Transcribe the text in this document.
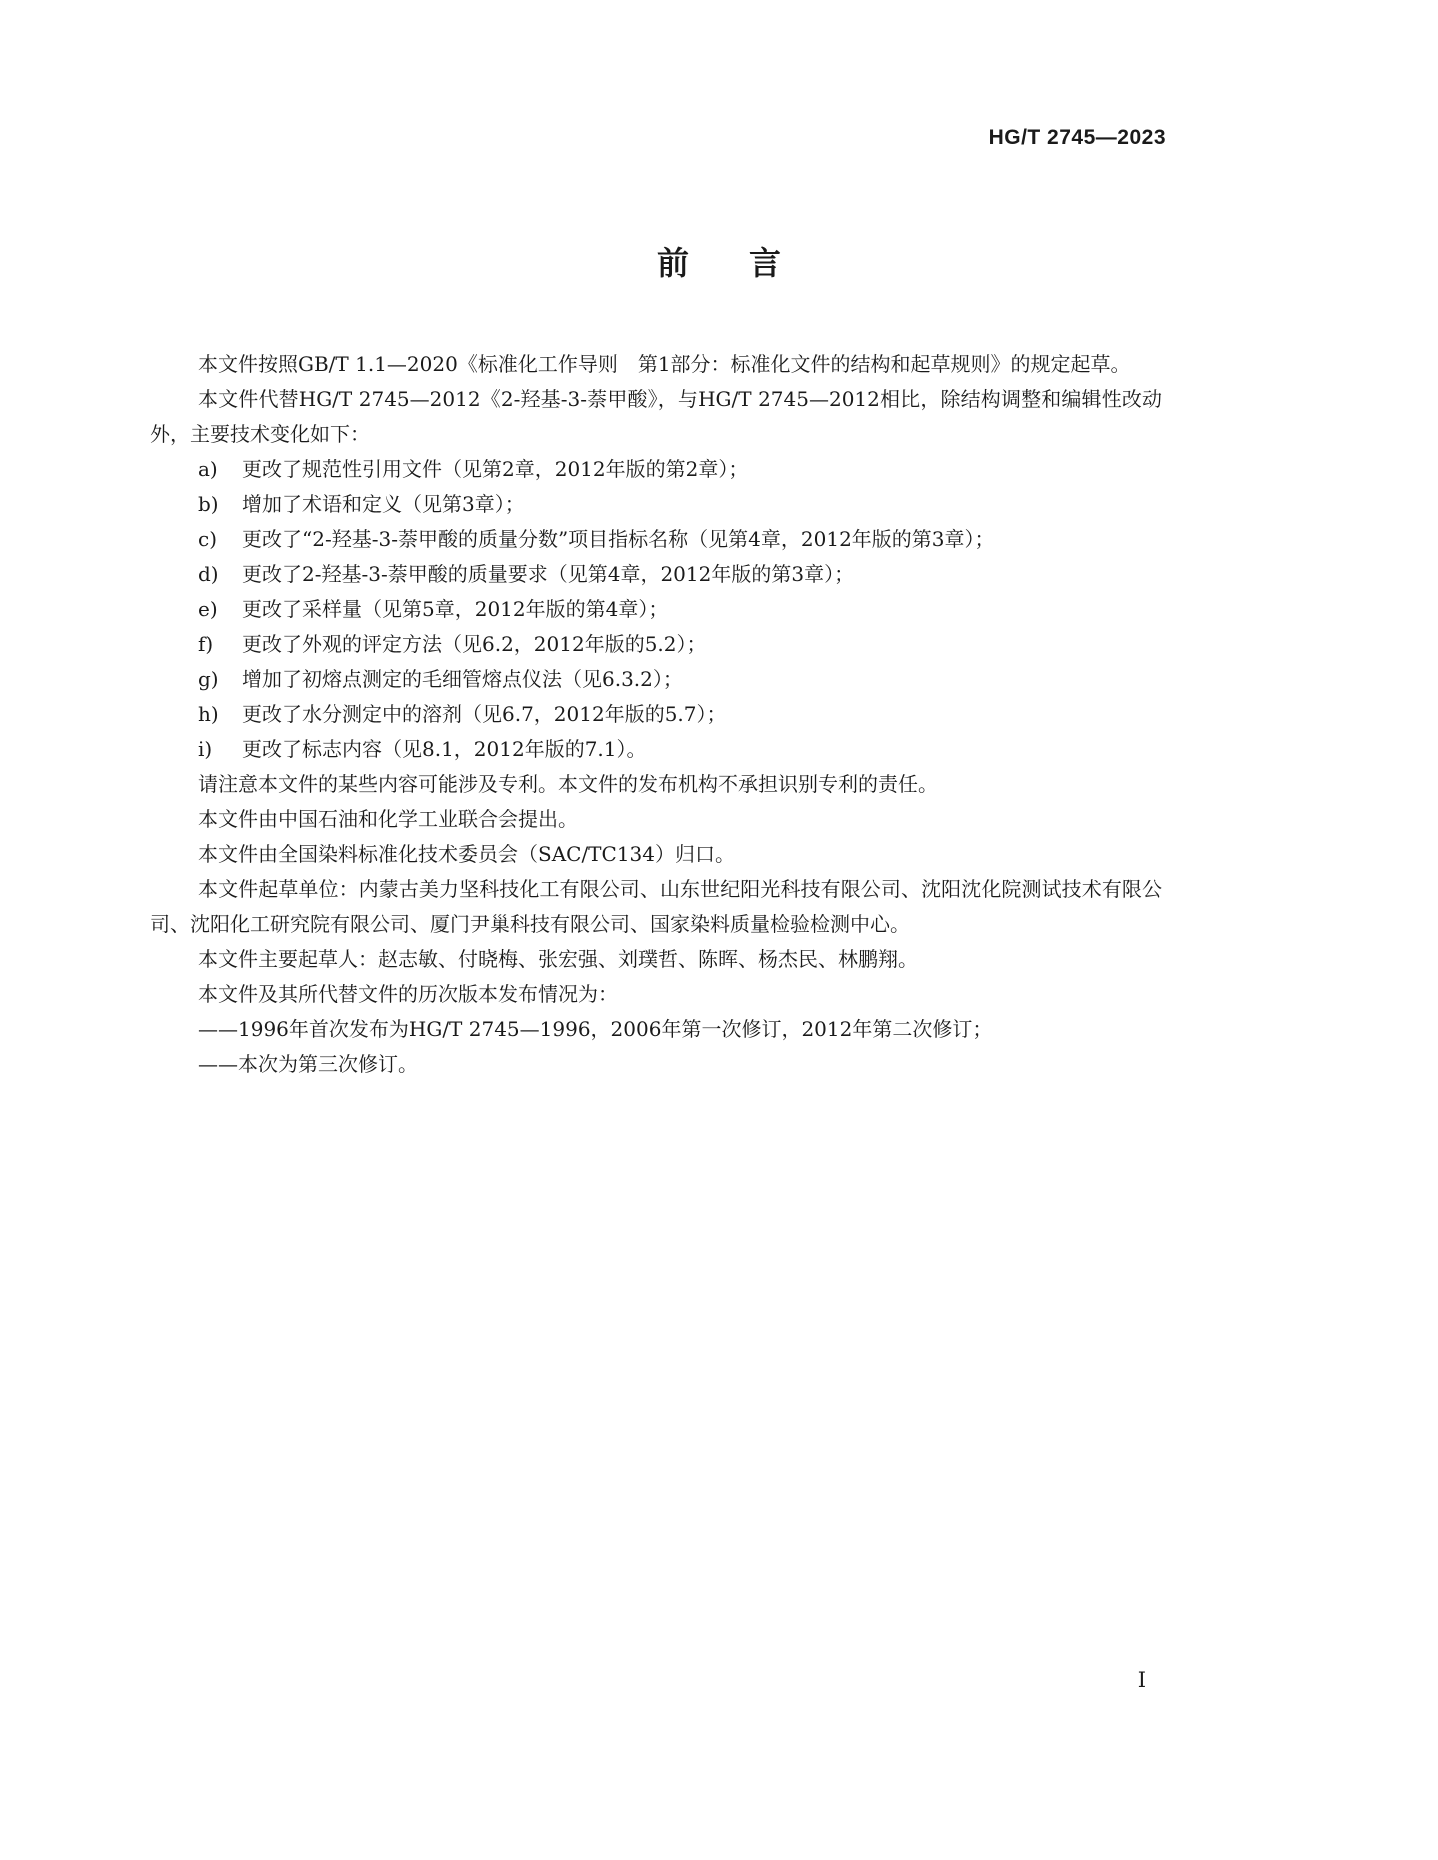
HG/T 2745—2023
前言

本文件按照GB/T 1.1—2020《标准化工作导则　第1部分：标准化文件的结构和起草规则》的规定起草。

本文件代替HG/T 2745—2012《2-羟基-3-萘甲酸》，与HG/T 2745—2012相比，除结构调整和编辑性改动外，主要技术变化如下：

a)	更改了规范性引用文件（见第2章，2012年版的第2章）；
b)	增加了术语和定义（见第3章）；
c)	更改了“2-羟基-3-萘甲酸的质量分数”项目指标名称（见第4章，2012年版的第3章）；
d)	更改了2-羟基-3-萘甲酸的质量要求（见第4章，2012年版的第3章）；
e)	更改了采样量（见第5章，2012年版的第4章）；
f)	更改了外观的评定方法（见6.2，2012年版的5.2）；
g)	增加了初熔点测定的毛细管熔点仪法（见6.3.2）；
h)	更改了水分测定中的溶剂（见6.7，2012年版的5.7）；
i)	更改了标志内容（见8.1，2012年版的7.1）。

请注意本文件的某些内容可能涉及专利。本文件的发布机构不承担识别专利的责任。

本文件由中国石油和化学工业联合会提出。

本文件由全国染料标准化技术委员会（SAC/TC134）归口。

本文件起草单位：内蒙古美力坚科技化工有限公司、山东世纪阳光科技有限公司、沈阳沈化院测试技术有限公司、沈阳化工研究院有限公司、厦门尹巢科技有限公司、国家染料质量检验检测中心。

本文件主要起草人：赵志敏、付晓梅、张宏强、刘璞哲、陈晖、杨杰民、林鹏翔。

本文件及其所代替文件的历次版本发布情况为：

——1996年首次发布为HG/T 2745—1996，2006年第一次修订，2012年第二次修订；

——本次为第三次修订。

I
